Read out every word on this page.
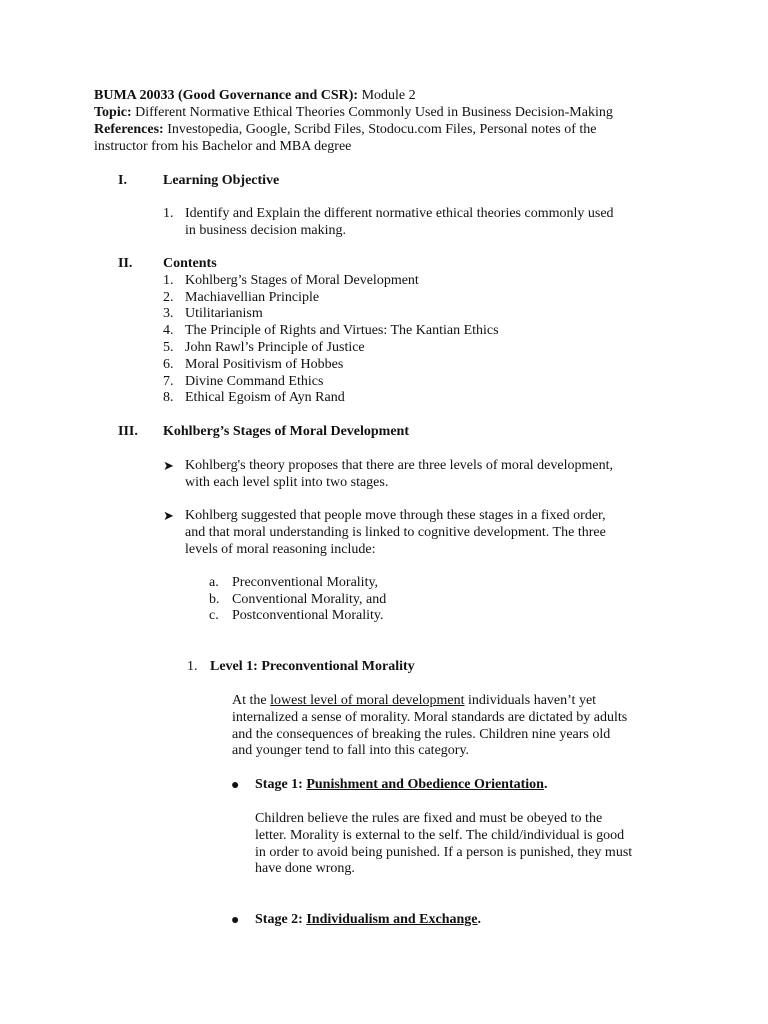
BUMA 20033 (Good Governance and CSR): Module 2
Topic: Different Normative Ethical Theories Commonly Used in Business Decision-Making
References: Investopedia, Google, Scribd Files, Stodocu.com Files, Personal notes of the
instructor from his Bachelor and MBA degree
I.	Learning Objective
1. Identify and Explain the different normative ethical theories commonly used
in business decision making.
II. Contents
1. Kohlberg’s Stages of Moral Development
2. Machiavellian Principle
3. Utilitarianism
4. The Principle of Rights and Virtues: The Kantian Ethics
5. John Rawl’s Principle of Justice
6. Moral Positivism of Hobbes
7. Divine Command Ethics
8. Ethical Egoism of Ayn Rand
III. Kohlberg’s Stages of Moral Development
➤ Kohlberg's theory proposes that there are three levels of moral development,
with each level split into two stages.
➤ Kohlberg suggested that people move through these stages in a fixed order,
and that moral understanding is linked to cognitive development. The three
levels of moral reasoning include:
a. Preconventional Morality,
b. Conventional Morality, and
c. Postconventional Morality.
1. Level 1: Preconventional Morality
At the lowest level of moral development individuals haven’t yet
internalized a sense of morality. Moral standards are dictated by adults
and the consequences of breaking the rules. Children nine years old
and younger tend to fall into this category.
● Stage 1: Punishment and Obedience Orientation.
Children believe the rules are fixed and must be obeyed to the
letter. Morality is external to the self. The child/individual is good
in order to avoid being punished. If a person is punished, they must
have done wrong.
● Stage 2: Individualism and Exchange.
